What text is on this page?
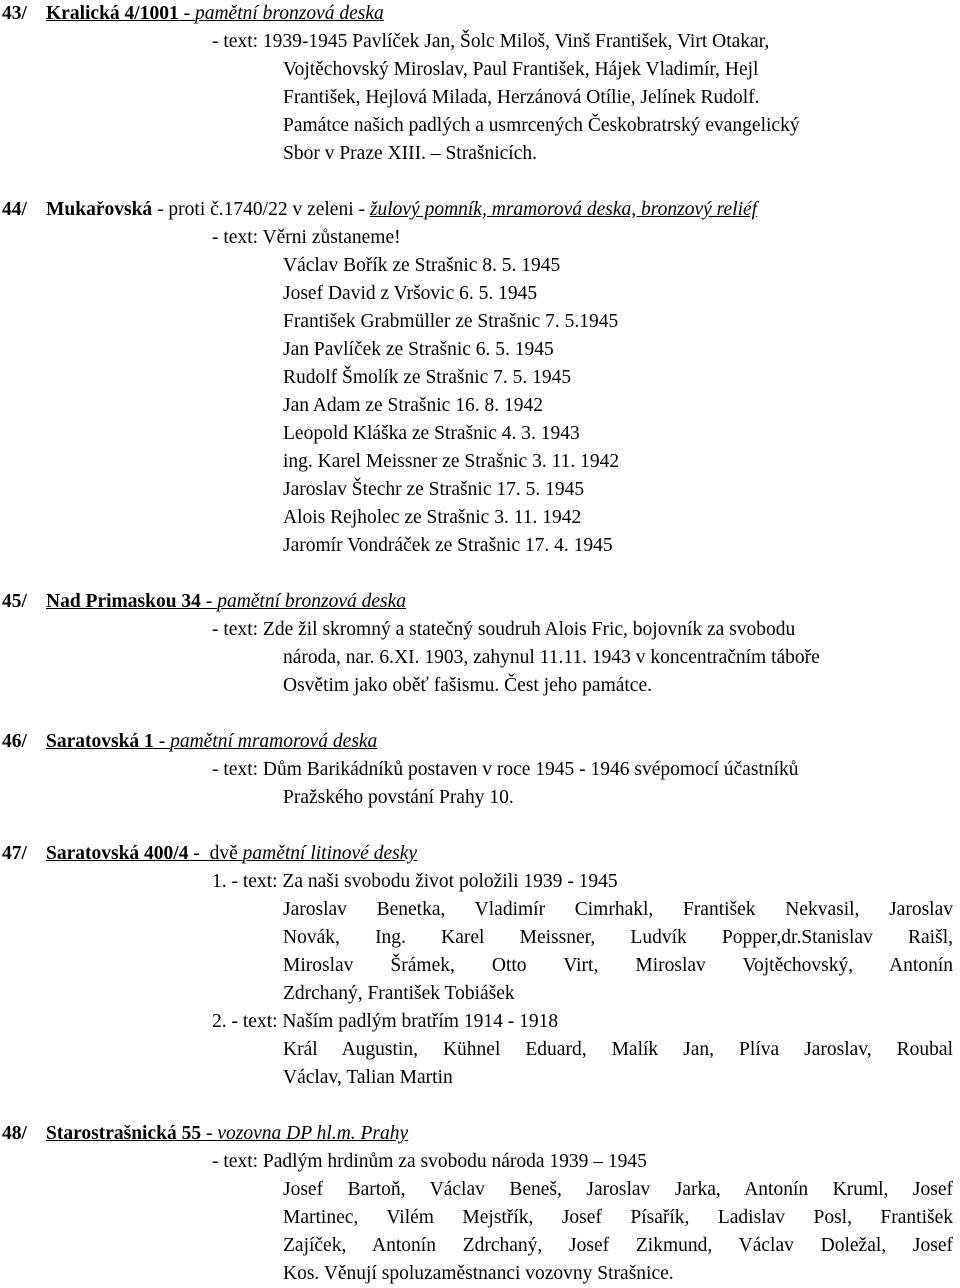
43/ Kralická 4/1001 - pamětní bronzová deska
- text: 1939-1945 Pavlíček Jan, Šolc Miloš, Vinš František, Virt Otakar,
Vojtěchovský Miroslav, Paul František, Hájek Vladimír, Hejl
František, Hejlová Milada, Herzánová Otílie, Jelínek Rudolf.
Památce našich padlých a usmrcených Českobratrský evangelický
Sbor v Praze XIII. – Strašnicích.
44/ Mukařovská - proti č.1740/22 v zeleni - žulový pomník, mramorová deska, bronzový reliéf
- text: Věrni zůstaneme!
Václav Bořík ze Strašnic 8. 5. 1945
Josef David z Vršovic 6. 5. 1945
František Grabmüller ze Strašnic 7. 5.1945
Jan Pavlíček ze Strašnic 6. 5. 1945
Rudolf Šmolík ze Strašnic 7. 5. 1945
Jan Adam ze Strašnic 16. 8. 1942
Leopold Kláška ze Strašnic 4. 3. 1943
ing. Karel Meissner ze Strašnic 3. 11. 1942
Jaroslav Štechr ze Strašnic 17. 5. 1945
Alois Rejholec ze Strašnic 3. 11. 1942
Jaromír Vondráček ze Strašnic 17. 4. 1945
45/ Nad Primaskou 34 - pamětní bronzová deska
- text: Zde žil skromný a statečný soudruh Alois Fric, bojovník za svobodu
národa, nar. 6.XI. 1903, zahynul 11.11. 1943 v koncentračním táboře
Osvětim jako oběť fašismu. Čest jeho památce.
46/ Saratovská 1 - pamětní mramorová deska
- text: Dům Barikádníků postaven v roce 1945 - 1946 svépomocí účastníků
Pražského povstání Prahy 10.
47/ Saratovská 400/4 -  dvě pamětní litinové desky
1. - text: Za naši svobodu život položili 1939 - 1945
Jaroslav Benetka, Vladimír Cimrhakl, František Nekvasil, Jaroslav
Novák, Ing. Karel Meissner, Ludvík Popper,dr.Stanislav Raišl,
Miroslav Šrámek, Otto Virt, Miroslav Vojtěchovský, Antonín
Zdrchaný, František Tobiášek
2. - text: Naším padlým bratřím 1914 - 1918
Král Augustin, Kühnel Eduard, Malík Jan, Plíva Jaroslav, Roubal
Václav, Talian Martin
48/ Starostrašnická 55 - vozovna DP hl.m. Prahy
- text: Padlým hrdinům za svobodu národa 1939 – 1945
Josef Bartoň, Václav Beneš, Jaroslav Jarka, Antonín Kruml, Josef
Martinec, Vilém Mejstřík, Josef Písařík, Ladislav Posl, František
Zajíček, Antonín Zdrchaný, Josef Zikmund, Václav Doležal, Josef
Kos. Věnují spoluzaměstnanci vozovny Strašnice.
